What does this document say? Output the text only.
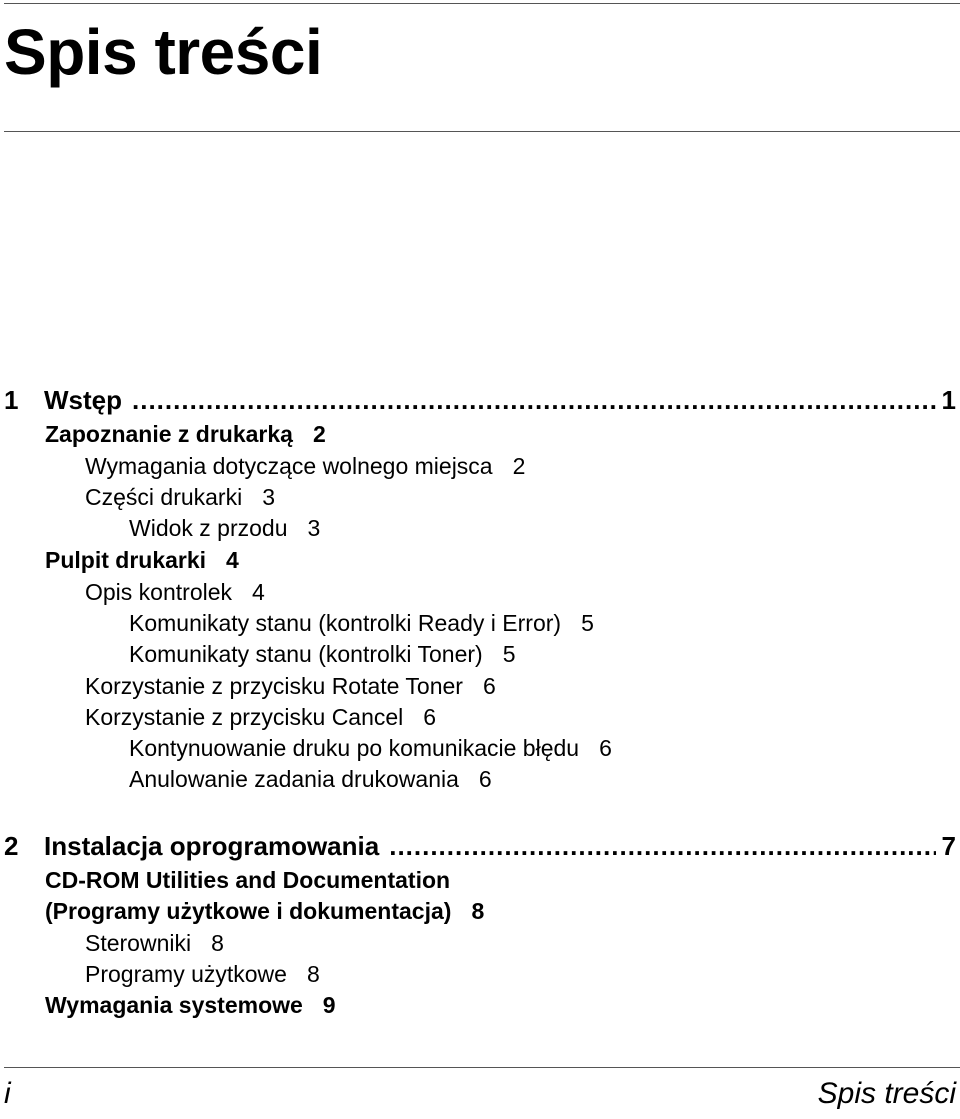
Spis treści
1 Wstęp .....	1
Zapoznanie z drukarką 2
Wymagania dotyczące wolnego miejsca 2
Części drukarki 3
Widok z przodu 3
Pulpit drukarki 4
Opis kontrolek 4
Komunikaty stanu (kontrolki Ready i Error) 5
Komunikaty stanu (kontrolki Toner) 5
Korzystanie z przycisku Rotate Toner 6
Korzystanie z przycisku Cancel 6
Kontynuowanie druku po komunikacie błędu 6
Anulowanie zadania drukowania 6
2 Instalacja oprogramowania .....	7
CD-ROM Utilities and Documentation
(Programy użytkowe i dokumentacja) 8
Sterowniki 8
Programy użytkowe 8
Wymagania systemowe 9
i	Spis treści
